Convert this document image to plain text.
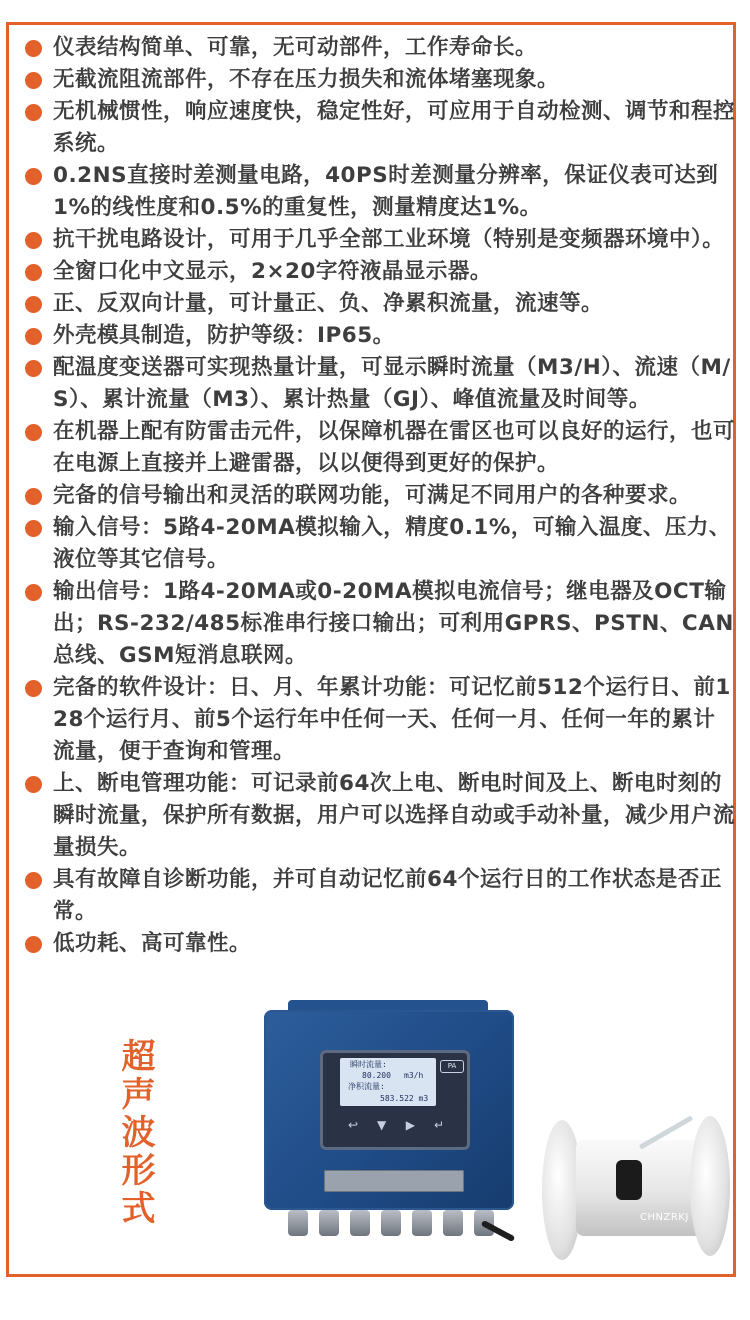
仪表结构简单、可靠，无可动部件，工作寿命长。
无截流阻流部件，不存在压力损失和流体堵塞现象。
无机械惯性，响应速度快，稳定性好，可应用于自动检测、调节和程控系统。
0.2NS直接时差测量电路，40PS时差测量分辨率，保证仪表可达到1%的线性度和0.5%的重复性，测量精度达1%。
抗干扰电路设计，可用于几乎全部工业环境（特别是变频器环境中）。
全窗口化中文显示，2×20字符液晶显示器。
正、反双向计量，可计量正、负、净累积流量，流速等。
外壳模具制造，防护等级：IP65。
配温度变送器可实现热量计量，可显示瞬时流量（M3/H）、流速（M/S）、累计流量（M3）、累计热量（GJ）、峰值流量及时间等。
在机器上配有防雷击元件，以保障机器在雷区也可以良好的运行，也可在电源上直接并上避雷器，以以便得到更好的保护。
完备的信号输出和灵活的联网功能，可满足不同用户的各种要求。
输入信号：5路4-20MA模拟输入，精度0.1%，可输入温度、压力、液位等其它信号。
输出信号：1路4-20MA或0-20MA模拟电流信号；继电器及OCT输出；RS-232/485标准串行接口输出；可利用GPRS、PSTN、CAN总线、GSM短消息联网。
完备的软件设计：日、月、年累计功能：可记忆前512个运行日、前128个运行月、前5个运行年中任何一天、任何一月、任何一年的累计流量，便于查询和管理。
上、断电管理功能：可记录前64次上电、断电时间及上、断电时刻的瞬时流量，保护所有数据，用户可以选择自动或手动补量，减少用户流量损失。
具有故障自诊断功能，并可自动记忆前64个运行日的工作状态是否正常。
低功耗、高可靠性。
超声波形式	瞬时流量:
80.200 m3/h
净积流量:
583.522 m3
PA
↩	▼	▶	↵
CHNZRKJ
